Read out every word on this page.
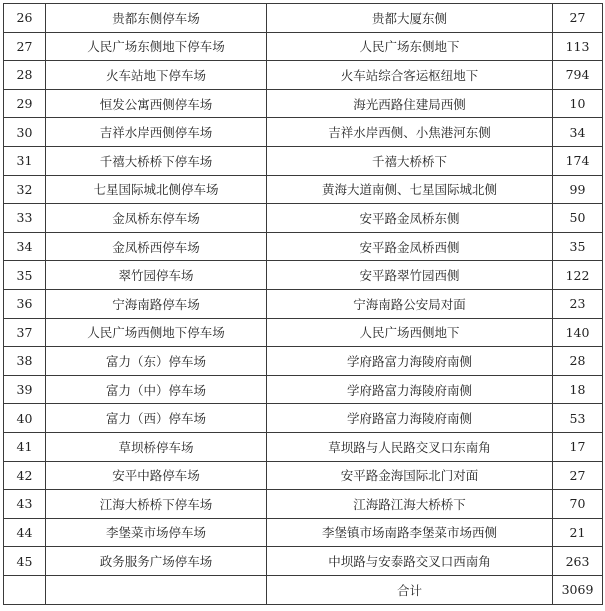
26	贵都东侧停车场	贵都大厦东侧	27
27	人民广场东侧地下停车场	人民广场东侧地下	113
28	火车站地下停车场	火车站综合客运枢纽地下	794
29	恒发公寓西侧停车场	海光西路住建局西侧	10
30	吉祥水岸西侧停车场	吉祥水岸西侧、小焦港河东侧	34
31	千禧大桥桥下停车场	千禧大桥桥下	174
32	七星国际城北侧停车场	黄海大道南侧、七星国际城北侧	99
33	金凤桥东停车场	安平路金凤桥东侧	50
34	金凤桥西停车场	安平路金凤桥西侧	35
35	翠竹园停车场	安平路翠竹园西侧	122
36	宁海南路停车场	宁海南路公安局对面	23
37	人民广场西侧地下停车场	人民广场西侧地下	140
38	富力（东）停车场	学府路富力海陵府南侧	28
39	富力（中）停车场	学府路富力海陵府南侧	18
40	富力（西）停车场	学府路富力海陵府南侧	53
41	草坝桥停车场	草坝路与人民路交叉口东南角	17
42	安平中路停车场	安平路金海国际北门对面	27
43	江海大桥桥下停车场	江海路江海大桥桥下	70
44	李堡菜市场停车场	李堡镇市场南路李堡菜市场西侧	21
45	政务服务广场停车场	中坝路与安泰路交叉口西南角	263
		合计	3069
